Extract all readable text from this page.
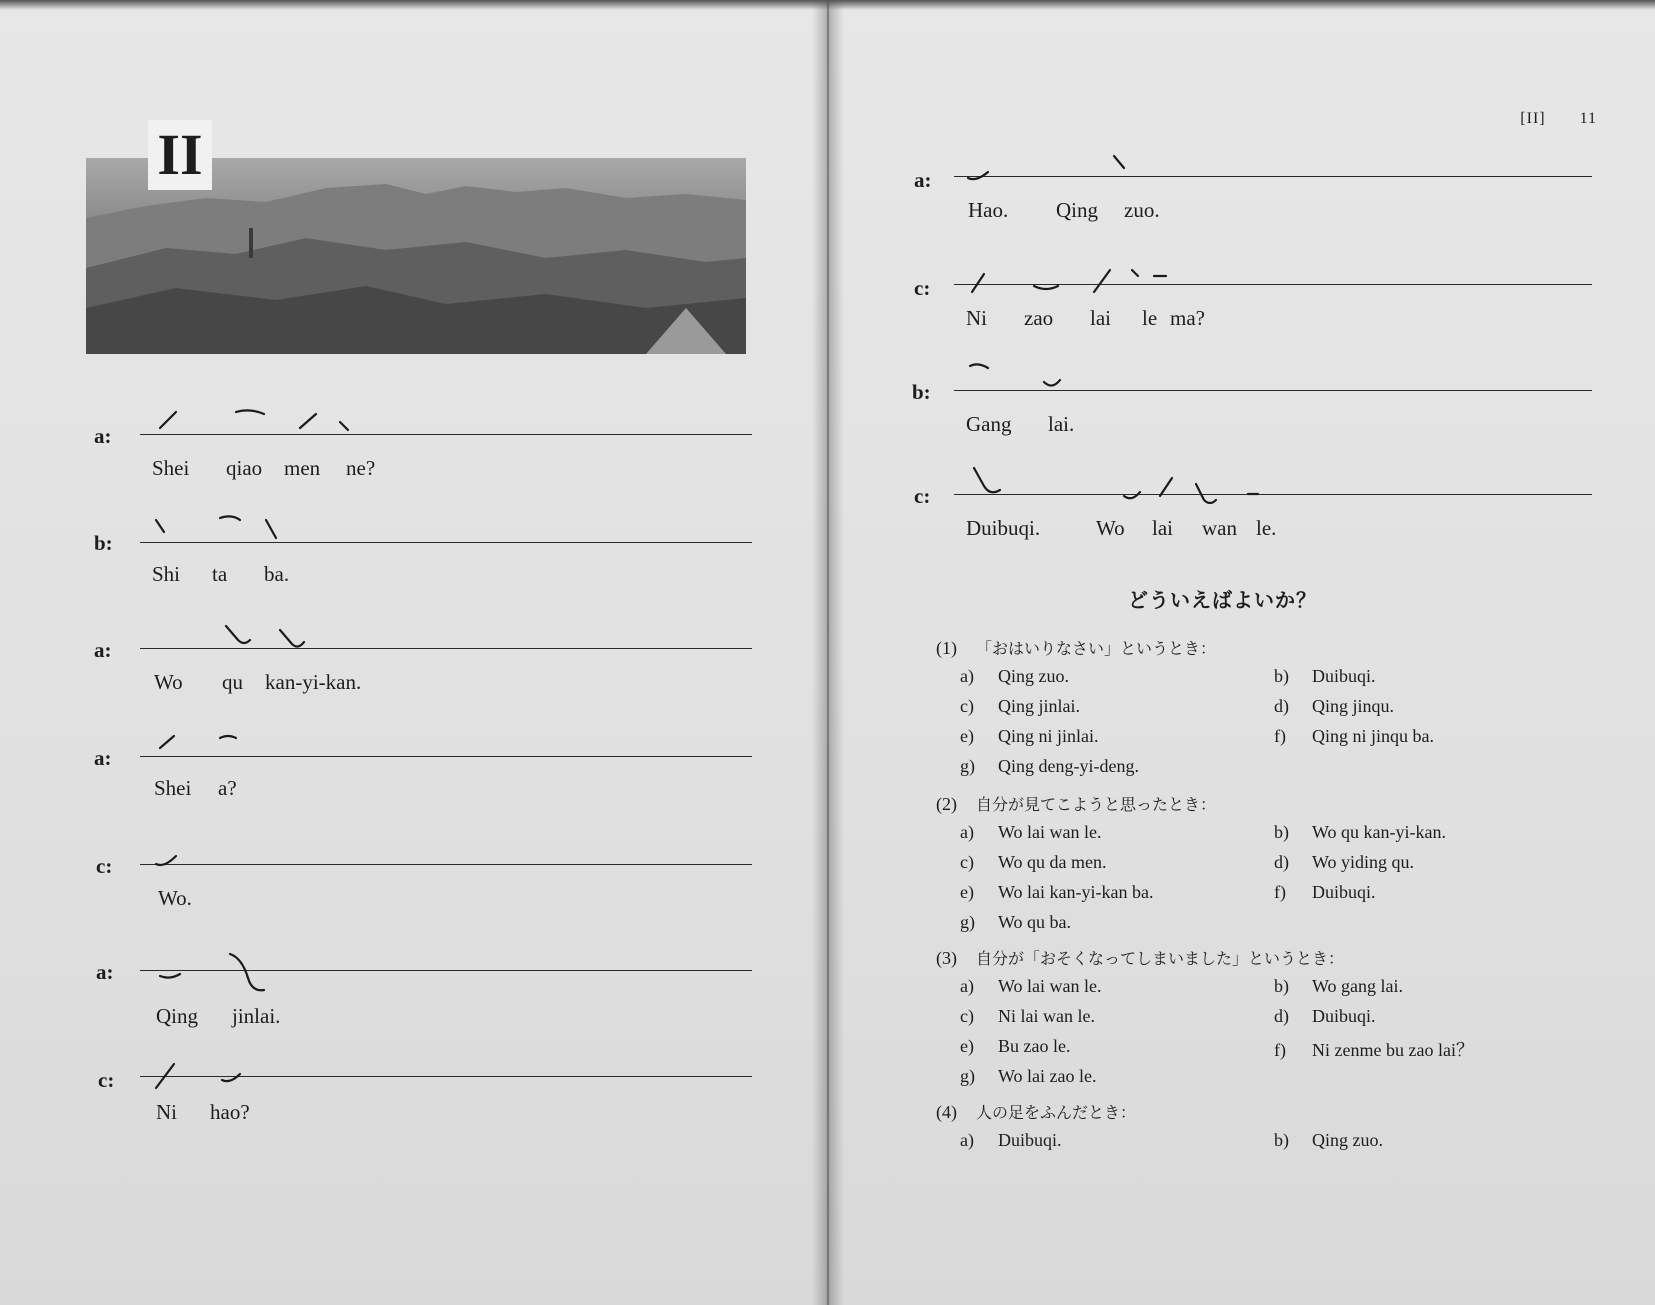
II
a:
Shei qiao men ne?
b:
Shi ta ba.
a:
Wo qu kan-yi-kan.
a:
Shei a?
c:
Wo.
a:
Qing jinlai.
c:
Ni hao?
[II] 11
a:
Hao. Qing zuo.
c:
Ni zao lai le ma?
b:
Gang lai.
c:
Duibuqi.	Wo lai wan le.
どういえばよいか？
(1) 「おはいりなさい」というとき：
a) Qing zuo.	b) Duibuqi.
c) Qing jinlai.	d) Qing jinqu.
e) Qing ni jinlai.	f) Qing ni jinqu ba.
g) Qing deng-yi-deng.
(2) 自分が見てこようと思ったとき：
a) Wo lai wan le.	b) Wo qu kan-yi-kan.
c) Wo qu da men.	d) Wo yiding qu.
e) Wo lai kan-yi-kan ba.	f) Duibuqi.
g) Wo qu ba.
(3) 自分が「おそくなってしまいました」というとき：
a) Wo lai wan le.	b) Wo gang lai.
c) Ni lai wan le.	d) Duibuqi.
e) Bu zao le.	f) Ni zenme bu zao lai？
g) Wo lai zao le.
(4) 人の足をふんだとき：
a) Duibuqi.	b) Qing zuo.
